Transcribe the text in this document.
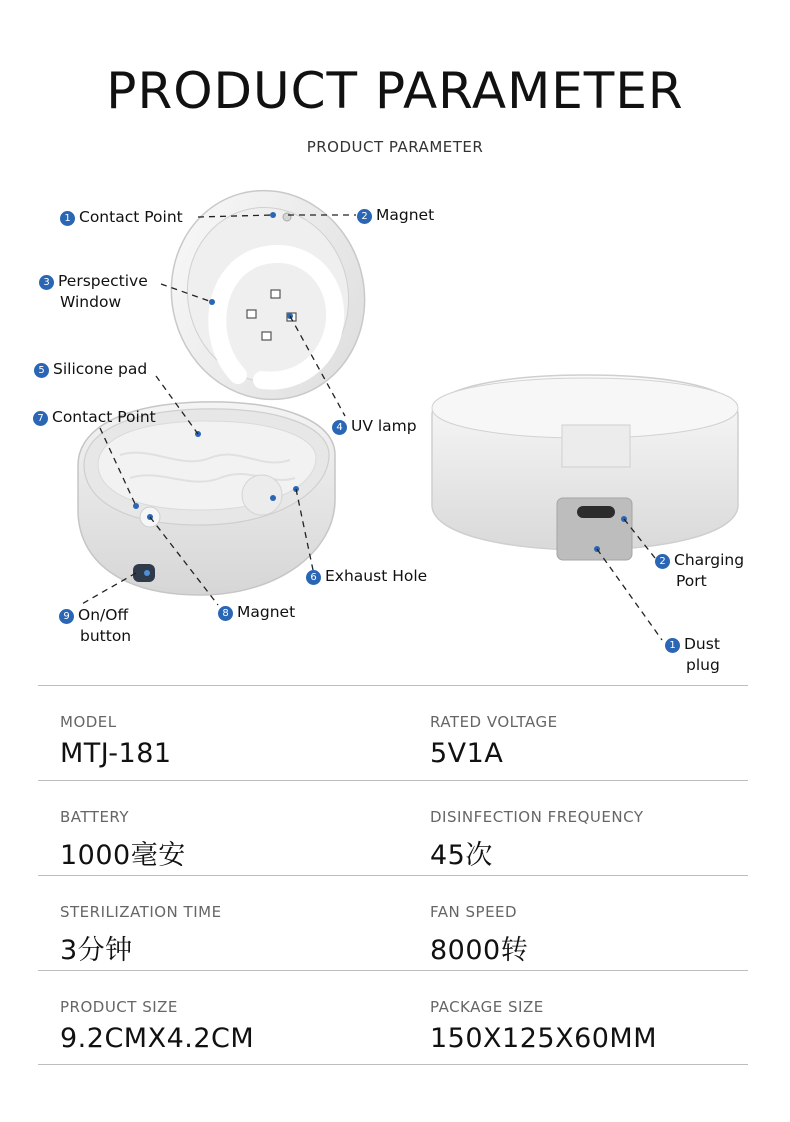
PRODUCT PARAMETER
PRODUCT PARAMETER
1 Contact Point	2 Magnet
3 Perspective
Window
4 UV lamp
5 Silicone pad
6 Exhaust Hole
7 Contact Point
8 Magnet
9 On/Off
button
2 Charging
Port
1 Dust
plug
MODEL
MTJ-181
RATED VOLTAGE
5V1A
BATTERY
1000毫安
DISINFECTION FREQUENCY
45次
STERILIZATION TIME
3分钟
FAN SPEED
8000转
PRODUCT SIZE
9.2CMX4.2CM
PACKAGE SIZE
150X125X60MM
